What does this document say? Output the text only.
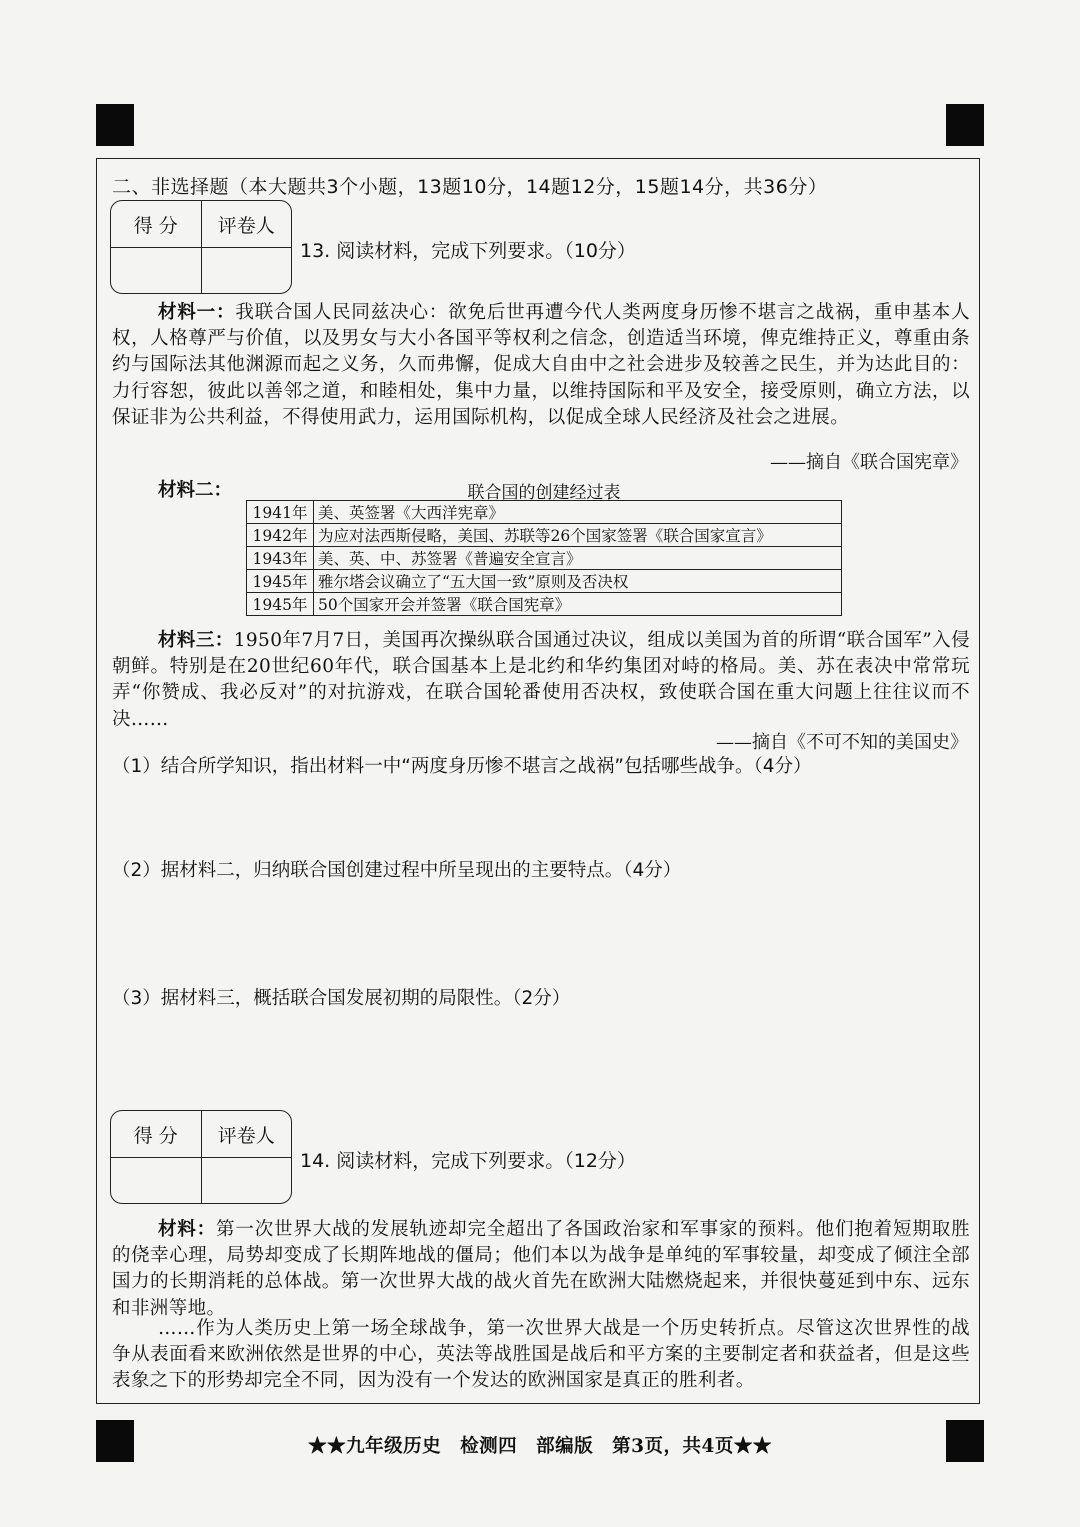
二、非选择题（本大题共3个小题，13题10分，14题12分，15题14分，共36分）
得 分	评卷人
13. 阅读材料，完成下列要求。（10分）
材料一：我联合国人民同兹决心：欲免后世再遭今代人类两度身历惨不堪言之战祸，重申基本人权，人格尊严与价值，以及男女与大小各国平等权利之信念，创造适当环境，俾克维持正义，尊重由条约与国际法其他渊源而起之义务，久而弗懈，促成大自由中之社会进步及较善之民生，并为达此目的：力行容恕，彼此以善邻之道，和睦相处，集中力量，以维持国际和平及安全，接受原则，确立方法，以保证非为公共利益，不得使用武力，运用国际机构，以促成全球人民经济及社会之进展。
——摘自《联合国宪章》
材料二：	联合国的创建经过表
1941年	美、英签署《大西洋宪章》
1942年	为应对法西斯侵略，美国、苏联等26个国家签署《联合国家宣言》
1943年	美、英、中、苏签署《普遍安全宣言》
1945年	雅尔塔会议确立了“五大国一致”原则及否决权
1945年	50个国家开会并签署《联合国宪章》
材料三：1950年7月7日，美国再次操纵联合国通过决议，组成以美国为首的所谓“联合国军”入侵朝鲜。特别是在20世纪60年代，联合国基本上是北约和华约集团对峙的格局。美、苏在表决中常常玩弄“你赞成、我必反对”的对抗游戏，在联合国轮番使用否决权，致使联合国在重大问题上往往议而不决……
——摘自《不可不知的美国史》
（1）结合所学知识，指出材料一中“两度身历惨不堪言之战祸”包括哪些战争。（4分）
（2）据材料二，归纳联合国创建过程中所呈现出的主要特点。（4分）
（3）据材料三，概括联合国发展初期的局限性。（2分）
得 分	评卷人
14. 阅读材料，完成下列要求。（12分）
材料：第一次世界大战的发展轨迹却完全超出了各国政治家和军事家的预料。他们抱着短期取胜的侥幸心理，局势却变成了长期阵地战的僵局；他们本以为战争是单纯的军事较量，却变成了倾注全部国力的长期消耗的总体战。第一次世界大战的战火首先在欧洲大陆燃烧起来，并很快蔓延到中东、远东和非洲等地。
……作为人类历史上第一场全球战争，第一次世界大战是一个历史转折点。尽管这次世界性的战争从表面看来欧洲依然是世界的中心，英法等战胜国是战后和平方案的主要制定者和获益者，但是这些表象之下的形势却完全不同，因为没有一个发达的欧洲国家是真正的胜利者。
★★九年级历史　检测四　部编版　第3页，共4页★★
